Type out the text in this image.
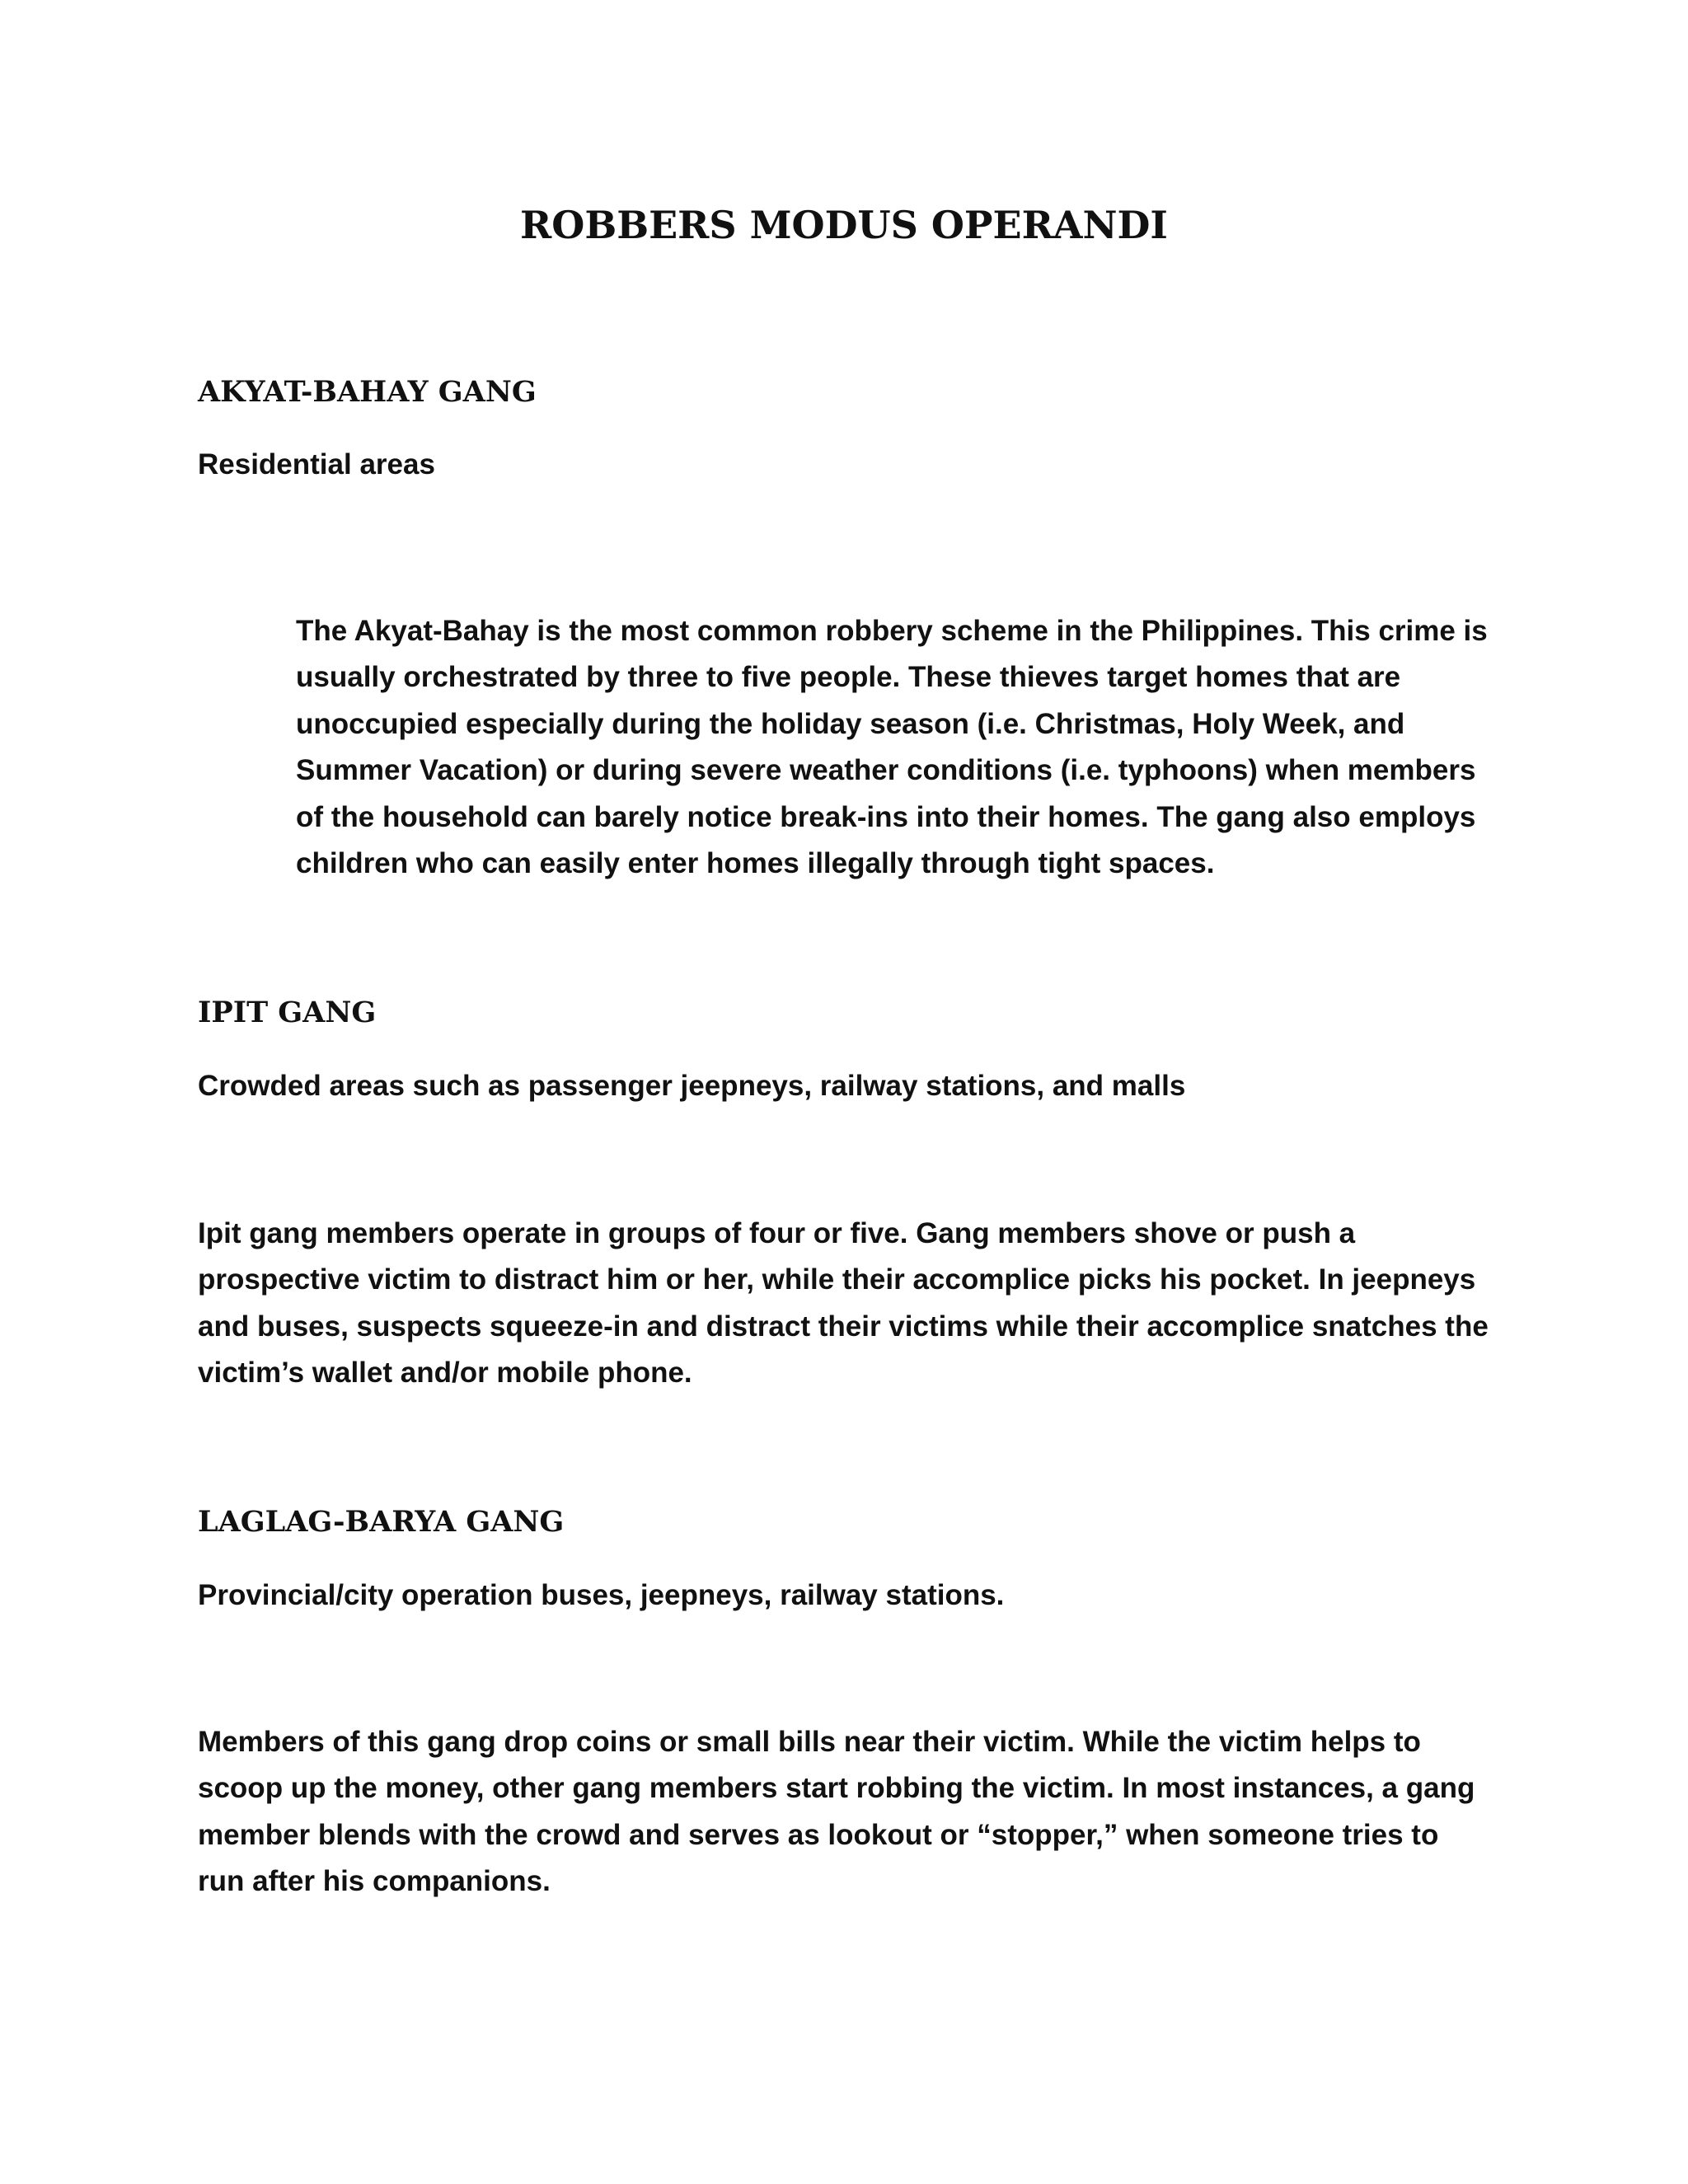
ROBBERS MODUS OPERANDI
AKYAT-BAHAY GANG

Residential areas

The Akyat-Bahay is the most common robbery scheme in the Philippines. This crime is
usually orchestrated by three to five people. These thieves target homes that are
unoccupied especially during the holiday season (i.e. Christmas, Holy Week, and
Summer Vacation) or during severe weather conditions (i.e. typhoons) when members
of the household can barely notice break-ins into their homes. The gang also employs
children who can easily enter homes illegally through tight spaces.

IPIT GANG

Crowded areas such as passenger jeepneys, railway stations, and malls

Ipit gang members operate in groups of four or five. Gang members shove or push a
prospective victim to distract him or her, while their accomplice picks his pocket. In jeepneys
and buses, suspects squeeze-in and distract their victims while their accomplice snatches the
victim’s wallet and/or mobile phone.

LAGLAG-BARYA GANG

Provincial/city operation buses, jeepneys, railway stations.

Members of this gang drop coins or small bills near their victim. While the victim helps to
scoop up the money, other gang members start robbing the victim. In most instances, a gang
member blends with the crowd and serves as lookout or “stopper,” when someone tries to
run after his companions.
